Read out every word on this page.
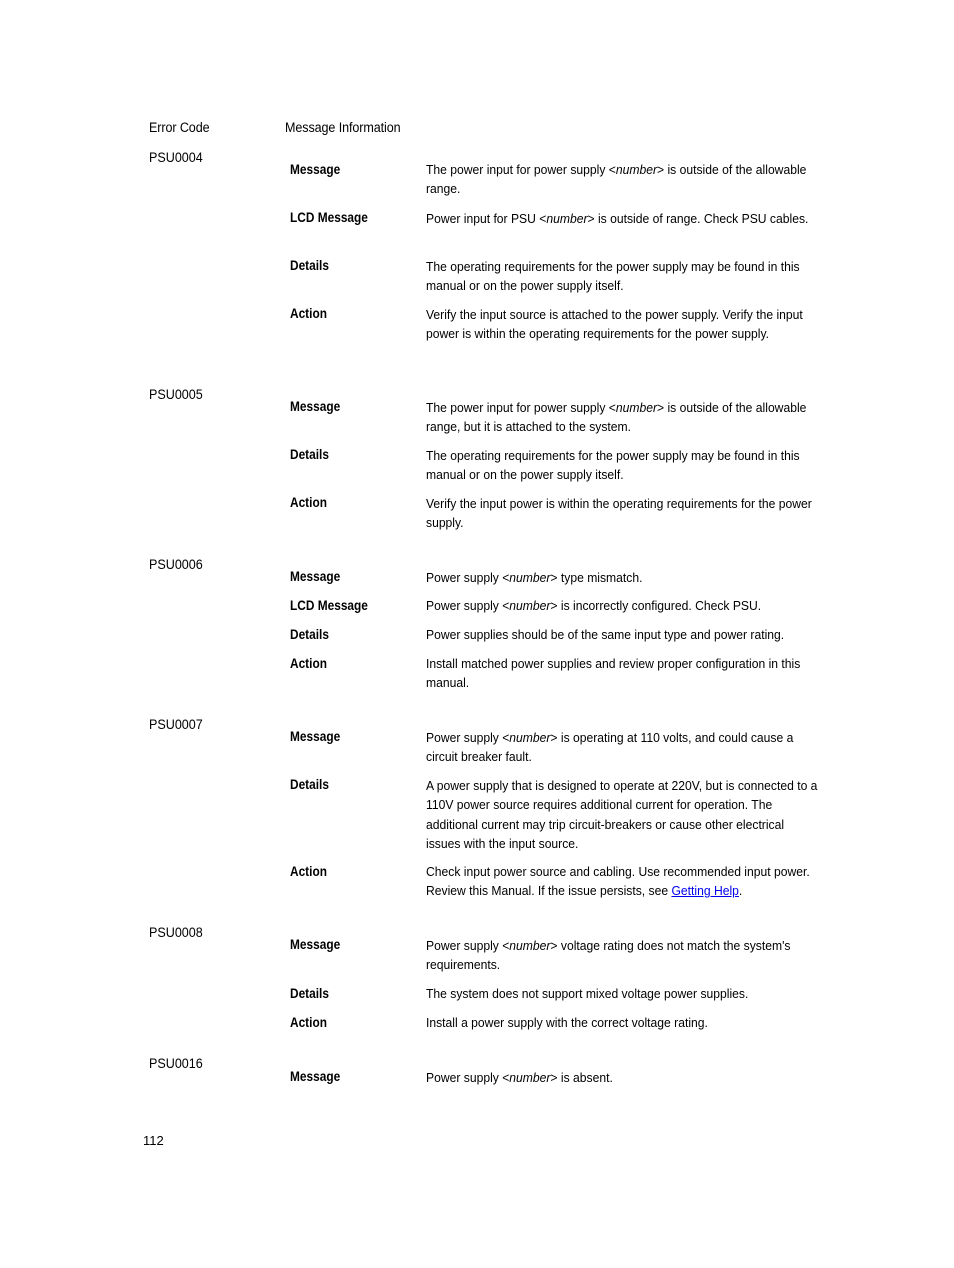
Error Code	Message Information
PSU0004
Message	The power input for power supply <number> is outside of the allowable range.
LCD Message	Power input for PSU <number> is outside of range. Check PSU cables.
Details	The operating requirements for the power supply may be found in this manual or on the power supply itself.
Action	Verify the input source is attached to the power supply. Verify the input power is within the operating requirements for the power supply.
PSU0005
Message	The power input for power supply <number> is outside of the allowable range, but it is attached to the system.
Details	The operating requirements for the power supply may be found in this manual or on the power supply itself.
Action	Verify the input power is within the operating requirements for the power supply.
PSU0006
Message	Power supply <number> type mismatch.
LCD Message	Power supply <number> is incorrectly configured. Check PSU.
Details	Power supplies should be of the same input type and power rating.
Action	Install matched power supplies and review proper configuration in this manual.
PSU0007
Message	Power supply <number> is operating at 110 volts, and could cause a circuit breaker fault.
Details	A power supply that is designed to operate at 220V, but is connected to a 110V power source requires additional current for operation. The additional current may trip circuit-breakers or cause other electrical issues with the input source.
Action	Check input power source and cabling. Use recommended input power. Review this Manual. If the issue persists, see Getting Help.
PSU0008
Message	Power supply <number> voltage rating does not match the system's requirements.
Details	The system does not support mixed voltage power supplies.
Action	Install a power supply with the correct voltage rating.
PSU0016
Message	Power supply <number> is absent.
112
